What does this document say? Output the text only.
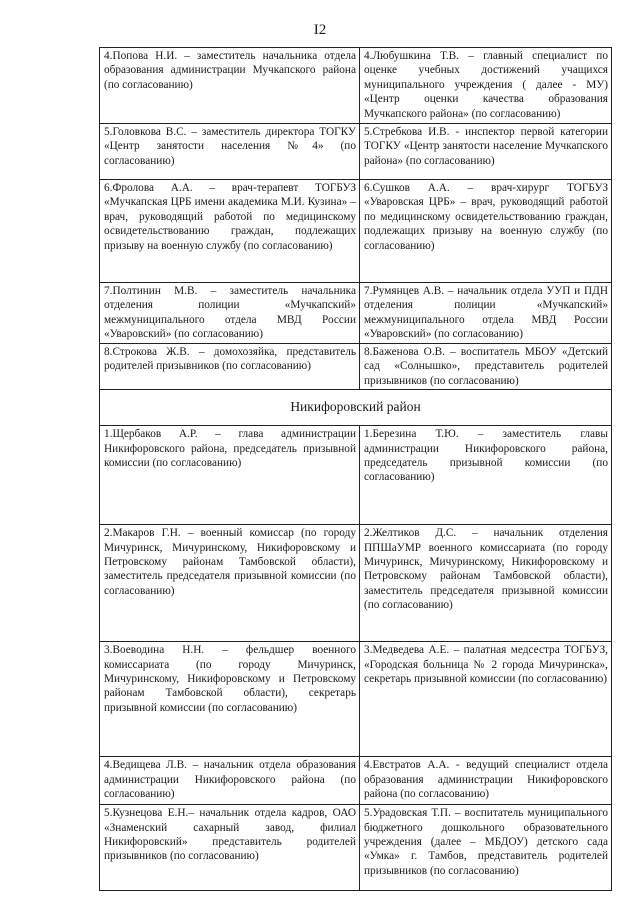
I2
4.Попова Н.И. – заместитель начальника отдела образования администрации Мучкапского района (по согласованию)	4.Любушкина Т.В. – главный специалист по оценке учебных достижений учащихся муниципального учреждения ( далее - МУ) «Центр оценки качества образования Мучкапского района» (по согласованию)
5.Головкова В.С. – заместитель директора ТОГКУ «Центр занятости населения №4» (по согласованию)	5.Стребкова И.В. - инспектор первой категории ТОГКУ «Центр занятости население Мучкапского района» (по согласованию)
6.Фролова А.А. – врач-терапевт ТОГБУЗ «Мучкапская ЦРБ имени академика М.И. Кузина» – врач, руководящий работой по медицинскому освидетельствованию граждан, подлежащих призыву на военную службу (по согласованию)	6.Сушков А.А. – врач-хирург ТОГБУЗ «Уваровская ЦРБ» – врач, руководящий работой по медицинскому освидетельствованию граждан, подлежащих призыву на военную службу (по согласованию)
7.Полтинин М.В. – заместитель начальника отделения полиции «Мучкапский» межмуниципального отдела МВД России «Уваровский» (по согласованию)	7.Румянцев А.В. – начальник отдела УУП и ПДН отделения полиции «Мучкапский» межмуниципального отдела МВД России «Уваровский» (по согласованию)
8.Строкова Ж.В. – домохозяйка, представитель родителей призывников (по согласованию)	8.Баженова О.В. – воспитатель МБОУ «Детский сад «Солнышко», представитель родителей призывников (по согласованию)
Никифоровский район	
1.Щербаков А.Р. – глава администрации Никифоровского района, председатель призывной комиссии (по согласованию)	1.Березина Т.Ю. – заместитель главы администрации Никифоровского района, председатель призывной комиссии (по согласованию)
2.Макаров Г.Н. – военный комиссар (по городу Мичуринск, Мичуринскому, Никифоровскому и Петровскому районам Тамбовской области), заместитель председателя призывной комиссии (по согласованию)	2.Желтиков Д.С. – начальник отделения ППШаУМР военного комиссариата (по городу Мичуринск, Мичуринскому, Никифоровскому и Петровскому районам Тамбовской области), заместитель председателя призывной комиссии (по согласованию)
3.Воеводина Н.Н. – фельдшер военного комиссариата (по городу Мичуринск, Мичуринскому, Никифоровскому и Петровскому районам Тамбовской области), секретарь призывной комиссии (по согласованию)	3.Медведева А.Е. – палатная медсестра ТОГБУЗ, «Городская больница № 2 города Мичуринска», секретарь призывной комиссии (по согласованию)
4.Ведищева Л.В. – начальник отдела образования администрации Никифоровского района (по согласованию)	4.Евстратов А.А. - ведущий специалист отдела образования администрации Никифоровского района (по согласованию)
5.Кузнецова Е.Н.– начальник отдела кадров, ОАО «Знаменский сахарный завод, филиал Никифоровский» представитель родителей призывников (по согласованию)	5.Урадовская Т.П. – воспитатель муниципального бюджетного дошкольного образовательного учреждения (далее – МБДОУ) детского сада «Умка» г. Тамбов, представитель родителей призывников (по согласованию)
